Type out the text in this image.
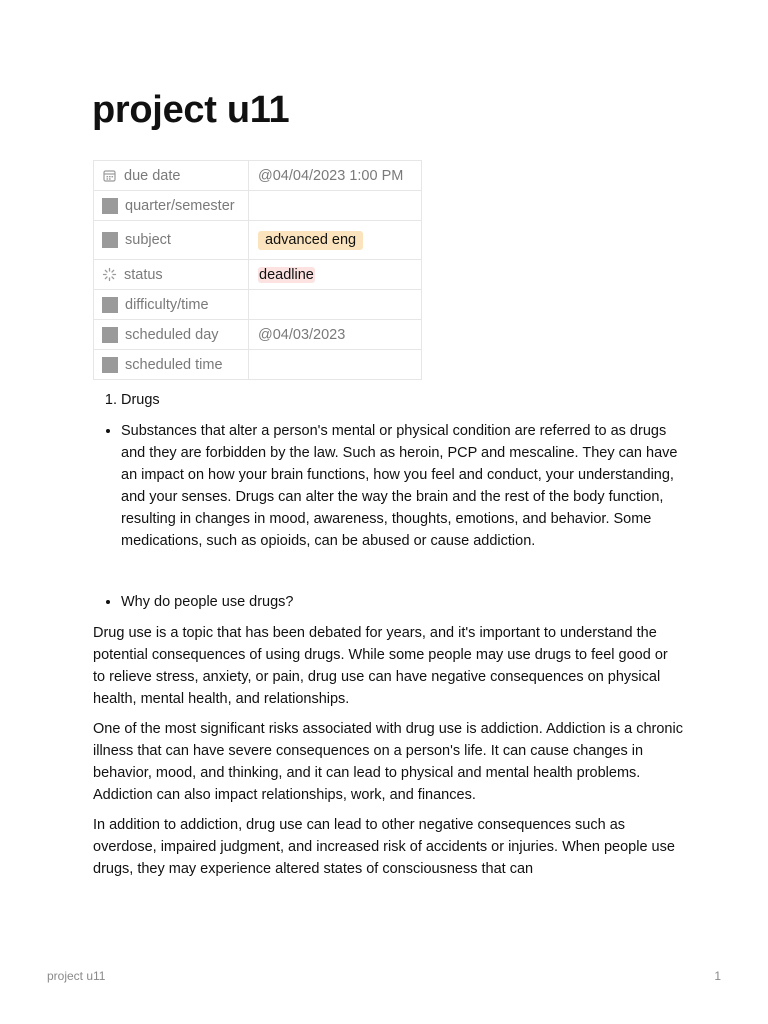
project u11
due date	@04/04/2023 1:00 PM

quarter/semester	

subject	advanced eng

status	deadline

difficulty/time	

scheduled day	@04/03/2023

scheduled time	

1. Drugs
• Substances that alter a person's mental or physical condition are referred to as drugs and they are forbidden by the law. Such as heroin, PCP and mescaline. They can have an impact on how your brain functions, how you feel and conduct, your understanding, and your senses. Drugs can alter the way the brain and the rest of the body function, resulting in changes in mood, awareness, thoughts, emotions, and behavior. Some medications, such as opioids, can be abused or cause addiction.
• Why do people use drugs?

Drug use is a topic that has been debated for years, and it's important to understand the potential consequences of using drugs. While some people may use drugs to feel good or to relieve stress, anxiety, or pain, drug use can have negative consequences on physical health, mental health, and relationships.

One of the most significant risks associated with drug use is addiction. Addiction is a chronic illness that can have severe consequences on a person's life. It can cause changes in behavior, mood, and thinking, and it can lead to physical and mental health problems. Addiction can also impact relationships, work, and finances.

In addition to addiction, drug use can lead to other negative consequences such as overdose, impaired judgment, and increased risk of accidents or injuries. When people use drugs, they may experience altered states of consciousness that can

project u11	1
